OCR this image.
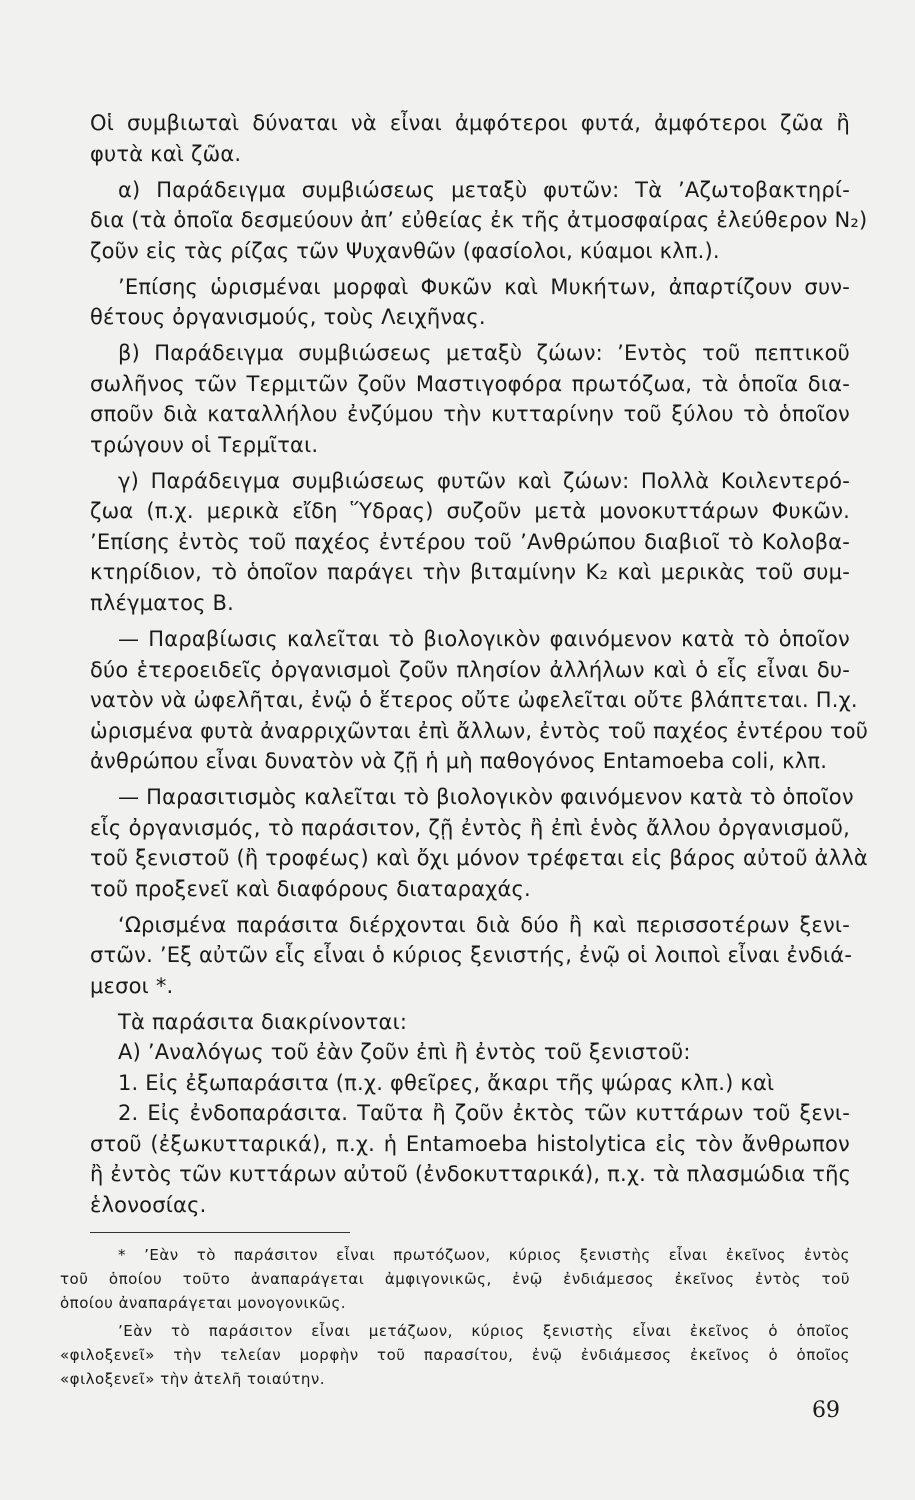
Οἱ συμβιωταὶ δύναται νὰ εἶναι ἀμφότεροι φυτά, ἀμφότεροι ζῶα ἢ
φυτὰ καὶ ζῶα.
α) Παράδειγμα συμβιώσεως μεταξὺ φυτῶν: Τὰ ’Αζωτοβακτηρί-
δια (τὰ ὁποῖα δεσμεύουν ἀπ’ εὐθείας ἐκ τῆς ἀτμοσφαίρας ἐλεύθερον N₂)
ζοῦν εἰς τὰς ρίζας τῶν Ψυχανθῶν (φασίολοι, κύαμοι κλπ.).
’Επίσης ὡρισμέναι μορφαὶ Φυκῶν καὶ Μυκήτων, ἀπαρτίζουν συν-
θέτους ὀργανισμούς, τοὺς Λειχῆνας.
β) Παράδειγμα συμβιώσεως μεταξὺ ζώων: ’Εντὸς τοῦ πεπτικοῦ
σωλῆνος τῶν Τερμιτῶν ζοῦν Μαστιγοφόρα πρωτόζωα, τὰ ὁποῖα δια-
σποῦν διὰ καταλλήλου ἐνζύμου τὴν κυτταρίνην τοῦ ξύλου τὸ ὁποῖον
τρώγουν οἱ Τερμῖται.
γ) Παράδειγμα συμβιώσεως φυτῶν καὶ ζώων: Πολλὰ Κοιλεντερό-
ζωα (π.χ. μερικὰ εἴδη Ὕδρας) συζοῦν μετὰ μονοκυττάρων Φυκῶν.
’Επίσης ἐντὸς τοῦ παχέος ἐντέρου τοῦ ’Ανθρώπου διαβιοῖ τὸ Κολοβα-
κτηρίδιον, τὸ ὁποῖον παράγει τὴν βιταμίνην K₂ καὶ μερικὰς τοῦ συμ-
πλέγματος B.
— Παραβίωσις καλεῖται τὸ βιολογικὸν φαινόμενον κατὰ τὸ ὁποῖον
δύο ἑτεροειδεῖς ὀργανισμοὶ ζοῦν πλησίον ἀλλήλων καὶ ὁ εἷς εἶναι δυ-
νατὸν νὰ ὠφελῆται, ἐνῷ ὁ ἕτερος οὔτε ὠφελεῖται οὔτε βλάπτεται. Π.χ.
ὡρισμένα φυτὰ ἀναρριχῶνται ἐπὶ ἄλλων, ἐντὸς τοῦ παχέος ἐντέρου τοῦ
ἀνθρώπου εἶναι δυνατὸν νὰ ζῇ ἡ μὴ παθογόνος Entamoeba coli, κλπ.
— Παρασιτισμὸς καλεῖται τὸ βιολογικὸν φαινόμενον κατὰ τὸ ὁποῖον
εἷς ὀργανισμός, τὸ παράσιτον, ζῇ ἐντὸς ἢ ἐπὶ ἑνὸς ἄλλου ὀργανισμοῦ,
τοῦ ξενιστοῦ (ἢ τροφέως) καὶ ὄχι μόνον τρέφεται εἰς βάρος αὐτοῦ ἀλλὰ
τοῦ προξενεῖ καὶ διαφόρους διαταραχάς.
‘Ωρισμένα παράσιτα διέρχονται διὰ δύο ἢ καὶ περισσοτέρων ξενι-
στῶν. ’Εξ αὐτῶν εἷς εἶναι ὁ κύριος ξενιστής, ἐνῷ οἱ λοιποὶ εἶναι ἐνδιά-
μεσοι *.
Τὰ παράσιτα διακρίνονται:
Α) ’Αναλόγως τοῦ ἐὰν ζοῦν ἐπὶ ἢ ἐντὸς τοῦ ξενιστοῦ:
1. Εἰς ἐξωπαράσιτα (π.χ. φθεῖρες, ἄκαρι τῆς ψώρας κλπ.) καὶ
2. Εἰς ἐνδοπαράσιτα. Ταῦτα ἢ ζοῦν ἐκτὸς τῶν κυττάρων τοῦ ξενι-
στοῦ (ἐξωκυτταρικά), π.χ. ἡ Entamoeba histolytica εἰς τὸν ἄνθρωπον
ἢ ἐντὸς τῶν κυττάρων αὐτοῦ (ἐνδοκυτταρικά), π.χ. τὰ πλασμώδια τῆς
ἑλονοσίας.
* ’Εὰν τὸ παράσιτον εἶναι πρωτόζωον, κύριος ξενιστὴς εἶναι ἐκεῖνος ἐντὸς
τοῦ ὁποίου τοῦτο ἀναπαράγεται ἀμφιγονικῶς, ἐνῷ ἐνδιάμεσος ἐκεῖνος ἐντὸς τοῦ
ὁποίου ἀναπαράγεται μονογονικῶς.
’Εὰν τὸ παράσιτον εἶναι μετάζωον, κύριος ξενιστὴς εἶναι ἐκεῖνος ὁ ὁποῖος
«φιλοξενεῖ» τὴν τελείαν μορφὴν τοῦ παρασίτου, ἐνῷ ἐνδιάμεσος ἐκεῖνος ὁ ὁποῖος
«φιλοξενεῖ» τὴν ἀτελῆ τοιαύτην.
69
